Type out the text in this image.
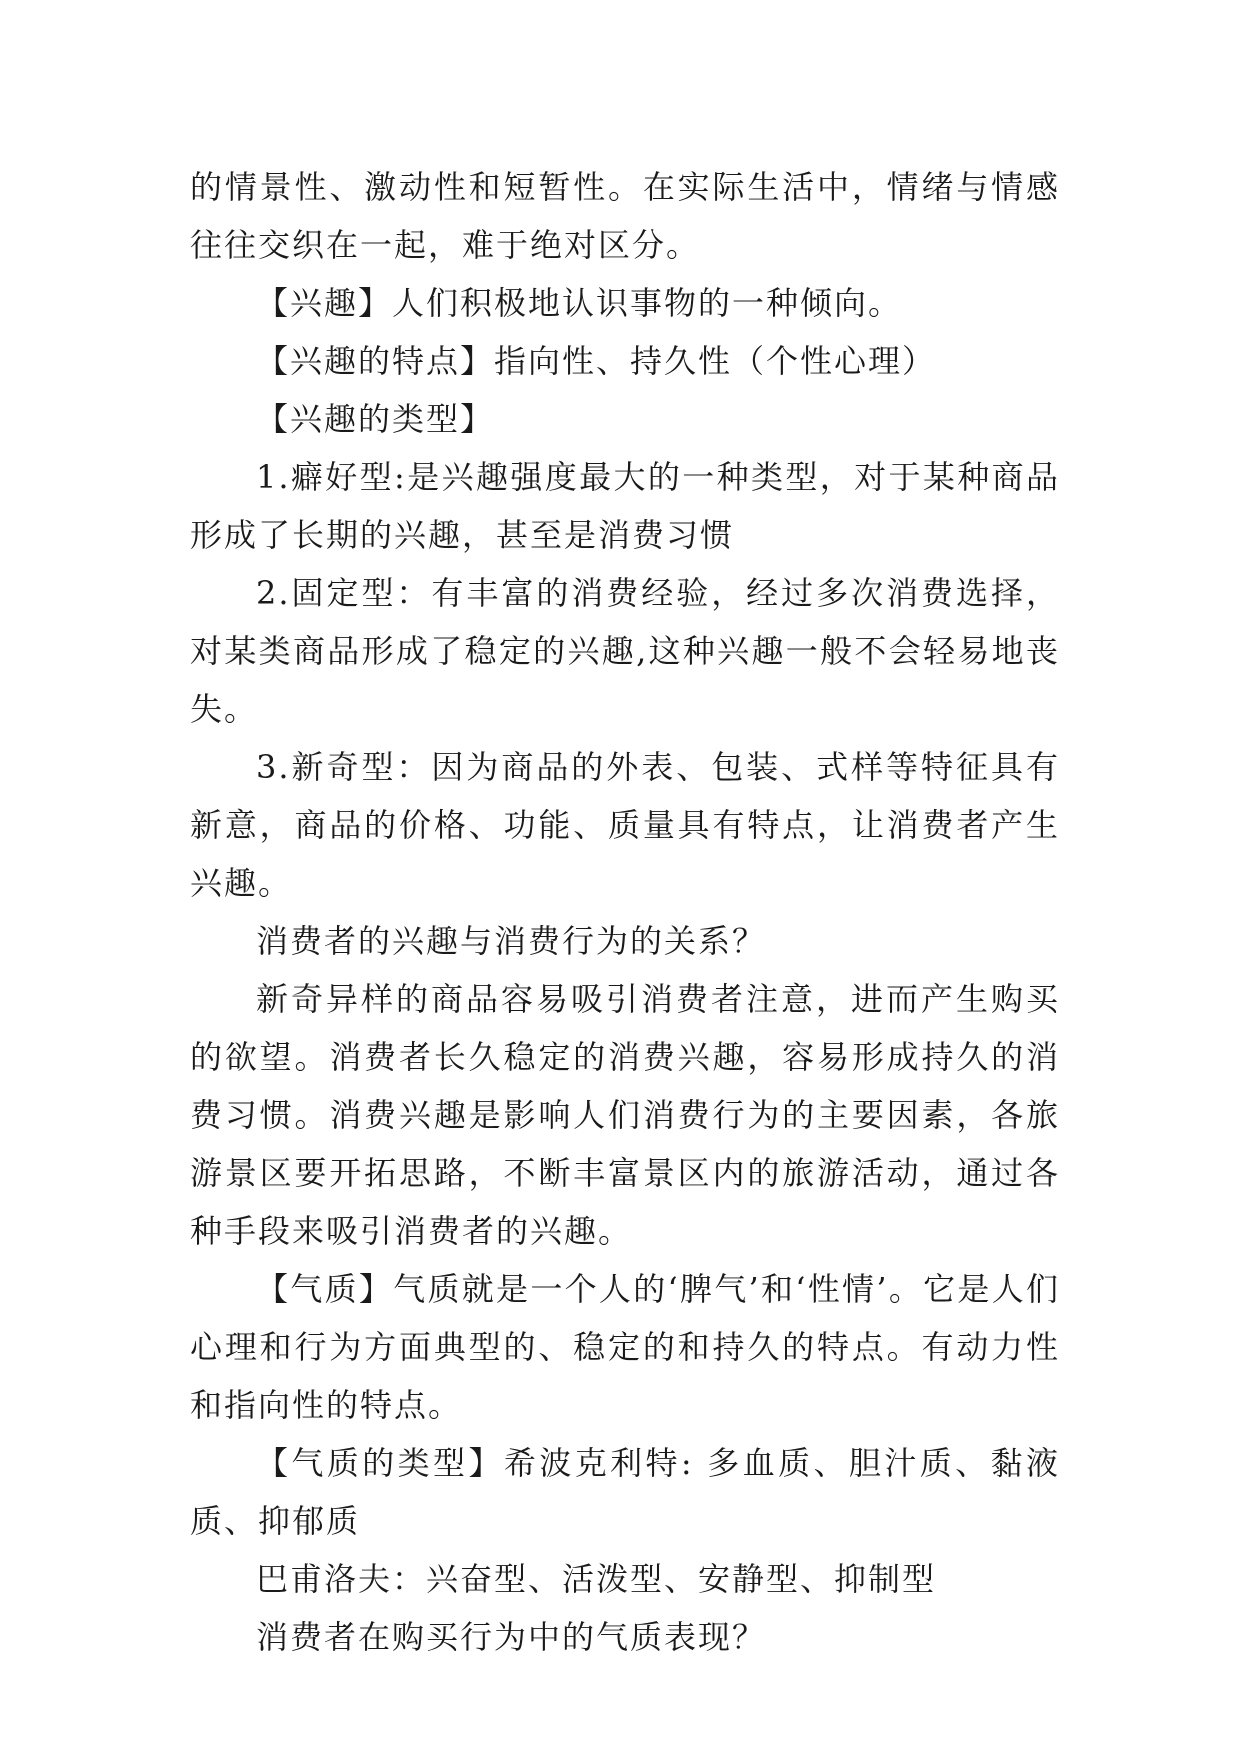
的情景性、激动性和短暂性。在实际生活中，情绪与情感往往交织在一起，难于绝对区分。

【兴趣】人们积极地认识事物的一种倾向。

【兴趣的特点】指向性、持久性（个性心理）

【兴趣的类型】

1.癖好型:是兴趣强度最大的一种类型，对于某种商品形成了长期的兴趣，甚至是消费习惯

2.固定型：有丰富的消费经验，经过多次消费选择，对某类商品形成了稳定的兴趣,这种兴趣一般不会轻易地丧失。

3.新奇型：因为商品的外表、包装、式样等特征具有新意，商品的价格、功能、质量具有特点，让消费者产生兴趣。

消费者的兴趣与消费行为的关系？

新奇异样的商品容易吸引消费者注意，进而产生购买的欲望。消费者长久稳定的消费兴趣，容易形成持久的消费习惯。消费兴趣是影响人们消费行为的主要因素，各旅游景区要开拓思路，不断丰富景区内的旅游活动，通过各种手段来吸引消费者的兴趣。

【气质】气质就是一个人的‘脾气’和‘性情’。它是人们心理和行为方面典型的、稳定的和持久的特点。有动力性和指向性的特点。

【气质的类型】希波克利特: 多血质、胆汁质、黏液质、抑郁质

巴甫洛夫：兴奋型、活泼型、安静型、抑制型

消费者在购买行为中的气质表现？
